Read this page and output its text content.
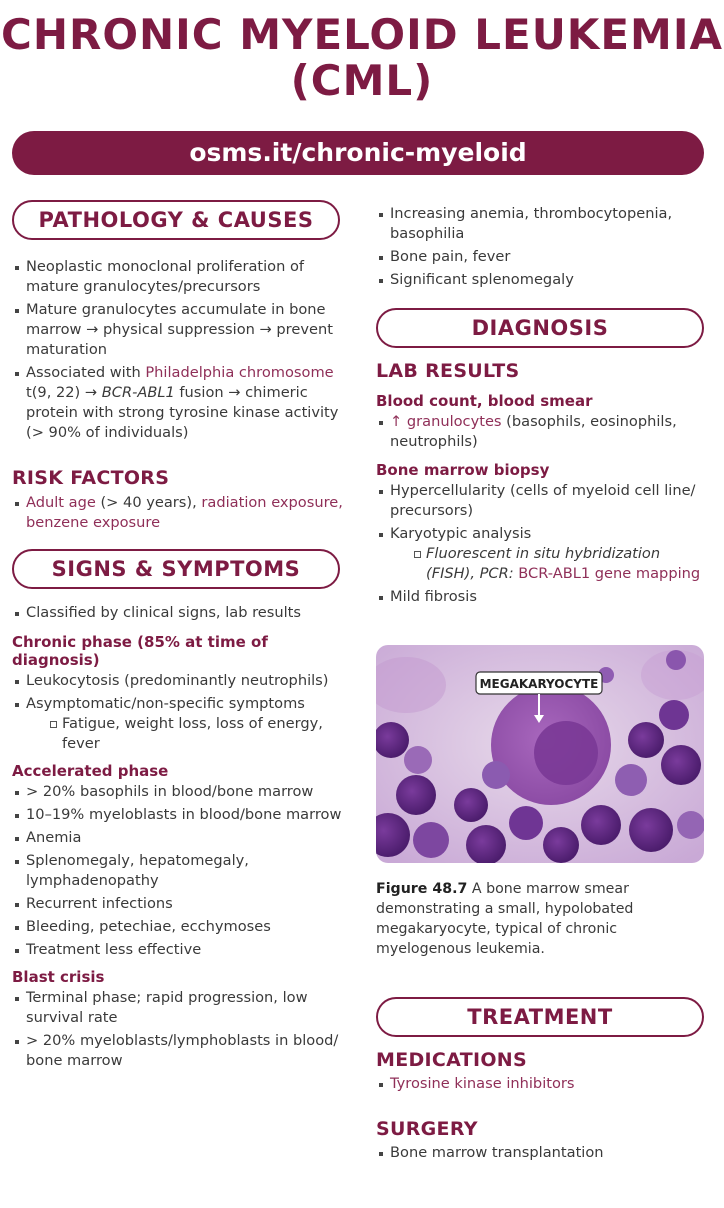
CHRONIC MYELOID LEUKEMIA
(CML)
osms.it/chronic-myeloid
PATHOLOGY & CAUSES
Neoplastic monoclonal proliferation of mature granulocytes/precursors
Mature granulocytes accumulate in bone marrow → physical suppression → prevent maturation
Associated with Philadelphia chromosome t(9, 22) → BCR-ABL1 fusion → chimeric protein with strong tyrosine kinase activity (> 90% of individuals)
RISK FACTORS
Adult age (> 40 years), radiation exposure, benzene exposure
SIGNS & SYMPTOMS
Classified by clinical signs, lab results
Chronic phase (85% at time of diagnosis)
Leukocytosis (predominantly neutrophils)
Asymptomatic/non-specific symptoms
Fatigue, weight loss, loss of energy, fever
Accelerated phase
> 20% basophils in blood/bone marrow
10–19% myeloblasts in blood/bone marrow
Anemia
Splenomegaly, hepatomegaly, lymphadenopathy
Recurrent infections
Bleeding, petechiae, ecchymoses
Treatment less effective
Blast crisis
Terminal phase; rapid progression, low survival rate
> 20% myeloblasts/lymphoblasts in blood/ bone marrow
Increasing anemia, thrombocytopenia, basophilia
Bone pain, fever
Significant splenomegaly
DIAGNOSIS
LAB RESULTS
Blood count, blood smear
↑ granulocytes (basophils, eosinophils, neutrophils)
Bone marrow biopsy
Hypercellularity (cells of myeloid cell line/ precursors)
Karyotypic analysis
Fluorescent in situ hybridization (FISH), PCR: BCR-ABL1 gene mapping
Mild fibrosis
MEGAKARYOCYTE
Figure 48.7 A bone marrow smear demonstrating a small, hypolobated megakaryocyte, typical of chronic myelogenous leukemia.
TREATMENT
MEDICATIONS
Tyrosine kinase inhibitors
SURGERY
Bone marrow transplantation
